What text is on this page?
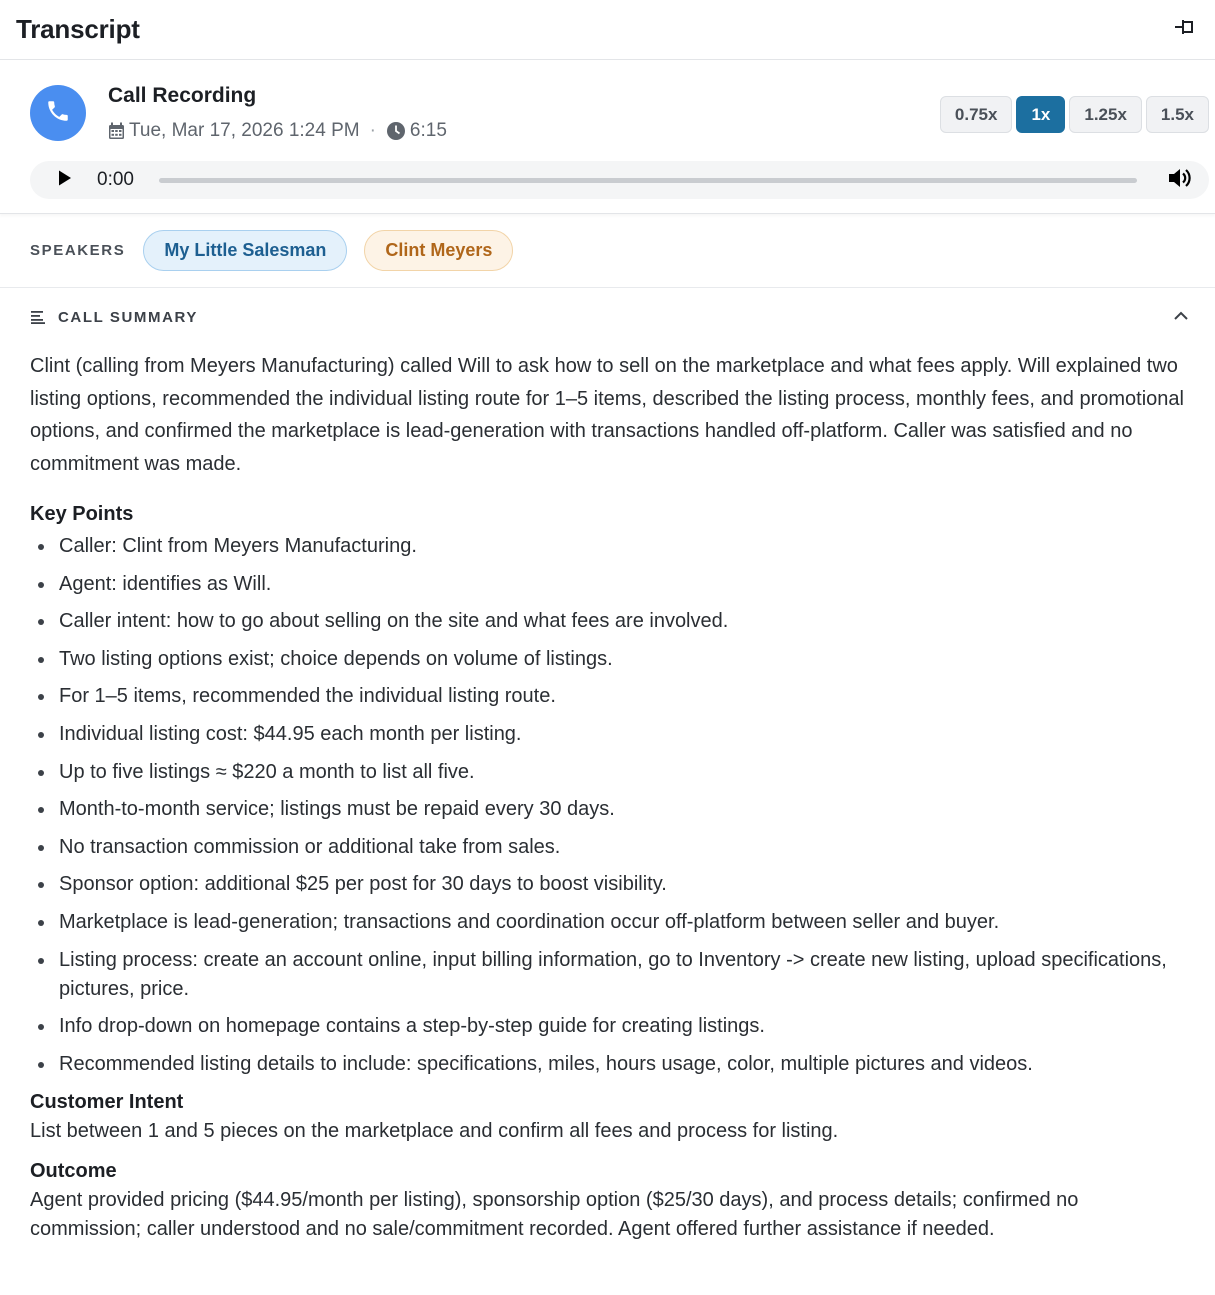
Transcript
Call Recording
Tue, Mar 17, 2026 1:24 PM · 6:15
0.75x	1x	1.25x	1.5x
0:00
SPEAKERS	My Little Salesman	Clint Meyers
CALL SUMMARY

Clint (calling from Meyers Manufacturing) called Will to ask how to sell on the marketplace and what fees apply. Will explained two listing options, recommended the individual listing route for 1–5 items, described the listing process, monthly fees, and promotional options, and confirmed the marketplace is lead-generation with transactions handled off-platform. Caller was satisfied and no commitment was made.

Key Points
Caller: Clint from Meyers Manufacturing.
Agent: identifies as Will.
Caller intent: how to go about selling on the site and what fees are involved.
Two listing options exist; choice depends on volume of listings.
For 1–5 items, recommended the individual listing route.
Individual listing cost: $44.95 each month per listing.
Up to five listings ≈ $220 a month to list all five.
Month-to-month service; listings must be repaid every 30 days.
No transaction commission or additional take from sales.
Sponsor option: additional $25 per post for 30 days to boost visibility.
Marketplace is lead-generation; transactions and coordination occur off-platform between seller and buyer.
Listing process: create an account online, input billing information, go to Inventory -> create new listing, upload specifications, pictures, price.
Info drop-down on homepage contains a step-by-step guide for creating listings.
Recommended listing details to include: specifications, miles, hours usage, color, multiple pictures and videos.
Customer Intent

List between 1 and 5 pieces on the marketplace and confirm all fees and process for listing.

Outcome

Agent provided pricing ($44.95/month per listing), sponsorship option ($25/30 days), and process details; confirmed no commission; caller understood and no sale/commitment recorded. Agent offered further assistance if needed.
